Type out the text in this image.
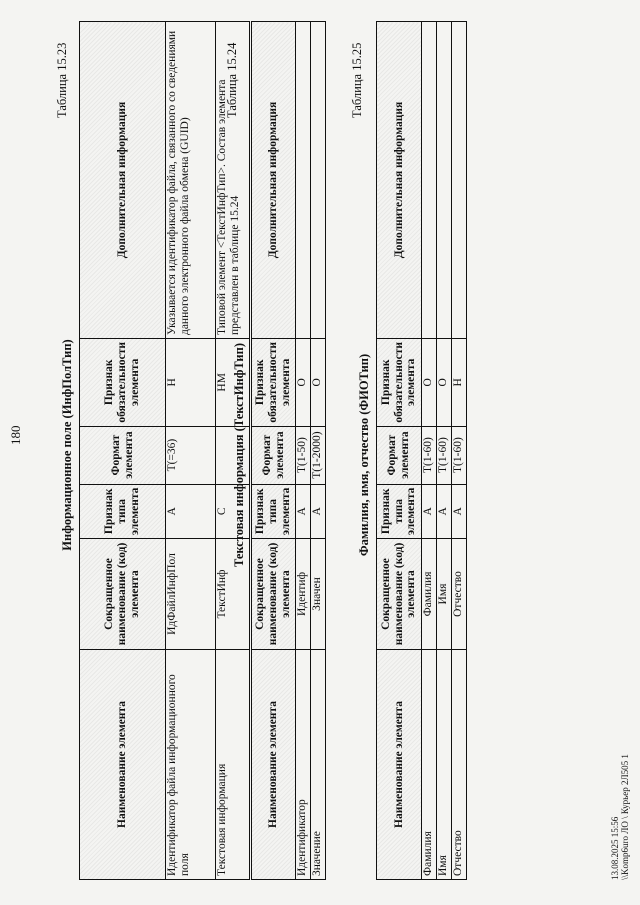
180
Таблица 15.23
Информационное поле (ИнфПолТип)
Наименование элемента	Сокращенное наименование (код) элемента	Признак типа элемента	Формат элемента	Признак обязательности элемента	Дополнительная информация
Идентификатор файла информационного поля	ИдФайлИнфПол	А	T(=36)	Н	Указывается идентификатор файла, связанного со сведениями данного электронного файла обмена (GUID)
Текстовая информация	ТекстИнф	С		НМ	Типовой элемент <ТекстИнфТип>. Состав элемента представлен в таблице 15.24
Таблица 15.24
Текстовая информация (ТекстИнфТип)
Наименование элемента	Сокращенное наименование (код) элемента	Признак типа элемента	Формат элемента	Признак обязательности элемента	Дополнительная информация
Идентификатор	Идентиф	А	T(1-50)	О	
Значение	Значен	А	T(1-2000)	О	
Таблица 15.25
Фамилия, имя, отчество (ФИОТип)
Наименование элемента	Сокращенное наименование (код) элемента	Признак типа элемента	Формат элемента	Признак обязательности элемента	Дополнительная информация
Фамилия	Фамилия	А	T(1-60)	О	
Имя	Имя	А	T(1-60)	О	
Отчество	Отчество	А	T(1-60)	Н	
13.08.2025 15:56 \\Komp6uro ЛО \ Курьер 2Л505 1
